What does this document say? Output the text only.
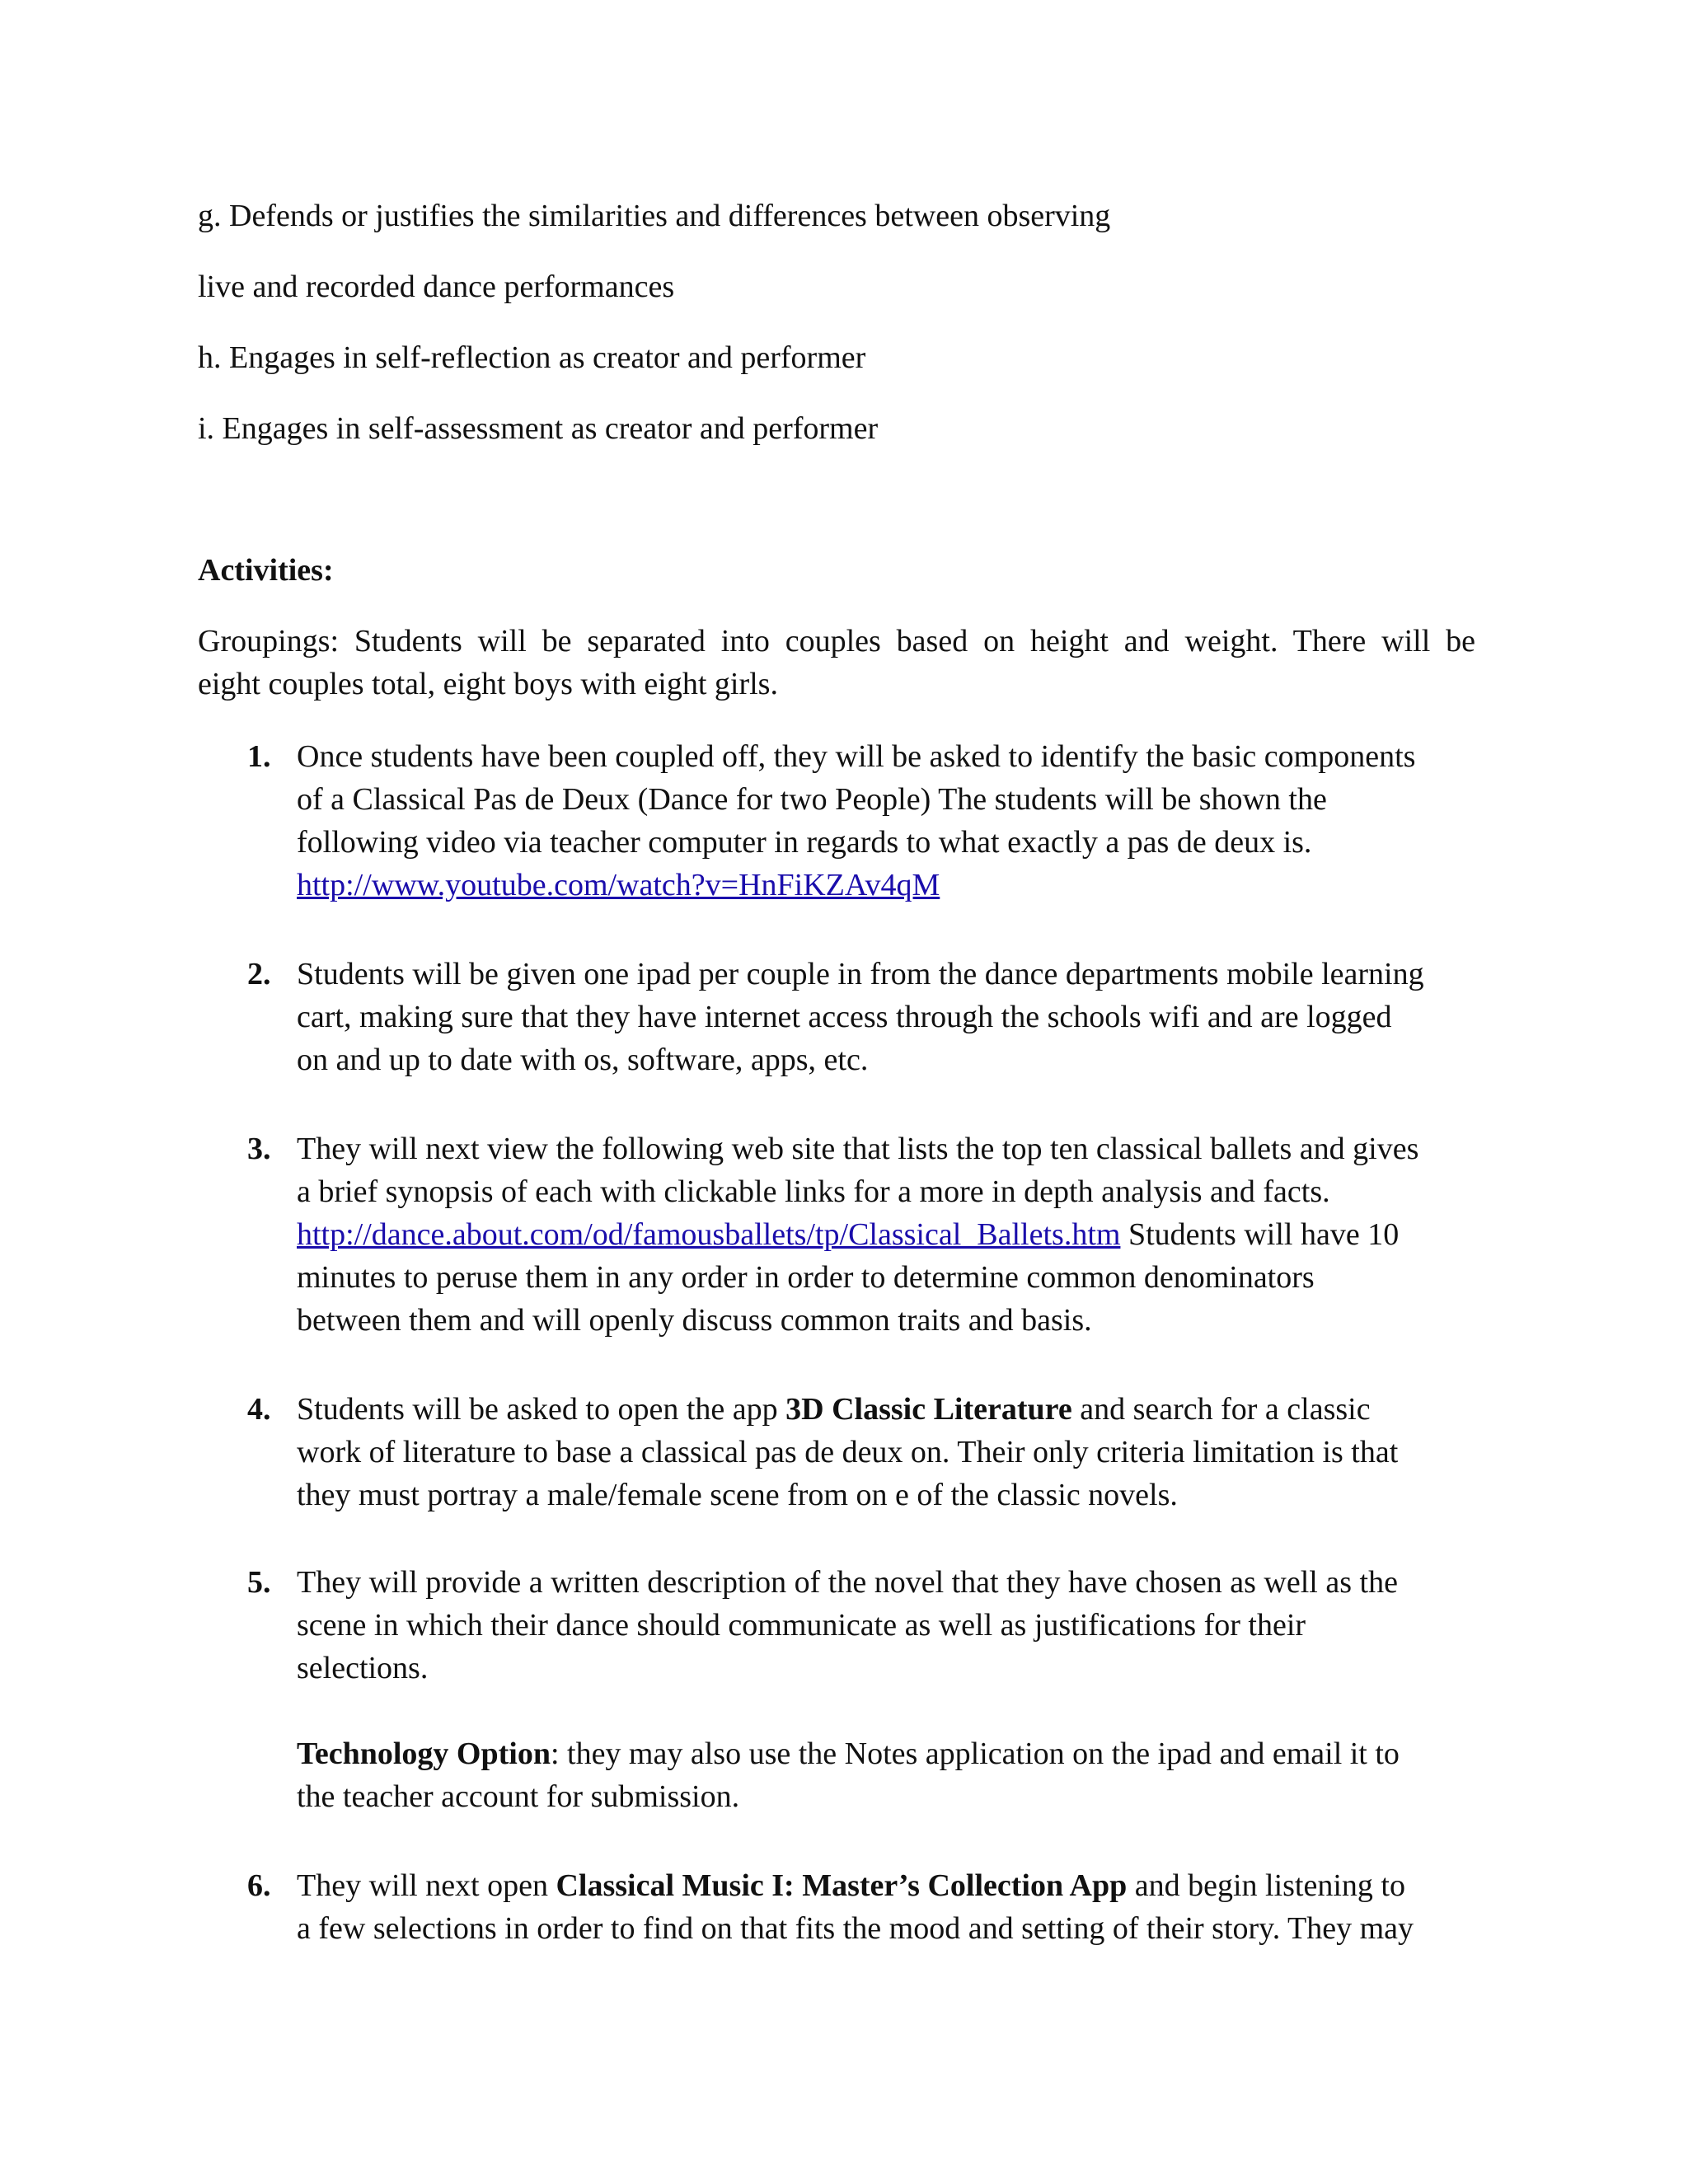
g. Defends or justifies the similarities and differences between observing
live and recorded dance performances
h. Engages in self-reflection as creator and performer
i. Engages in self-assessment as creator and performer
Activities:
Groupings: Students will be separated into couples based on height and weight. There will be
eight couples total, eight boys with eight girls.
1. Once students have been coupled off, they will be asked to identify the basic components

of a Classical Pas de Deux (Dance for two People) The students will be shown the

following video via teacher computer in regards to what exactly a pas de deux is.

http://www.youtube.com/watch?v=HnFiKZAv4qM

2. Students will be given one ipad per couple in from the dance departments mobile learning

cart, making sure that they have internet access through the schools wifi and are logged

on and up to date with os, software, apps, etc.

3. They will next view the following web site that lists the top ten classical ballets and gives

a brief synopsis of each with clickable links for a more in depth analysis and facts.

http://dance.about.com/od/famousballets/tp/Classical_Ballets.htm Students will have 10

minutes to peruse them in any order in order to determine common denominators

between them and will openly discuss common traits and basis.

4. Students will be asked to open the app 3D Classic Literature and search for a classic

work of literature to base a classical pas de deux on. Their only criteria limitation is that

they must portray a male/female scene from on e of the classic novels.

5. They will provide a written description of the novel that they have chosen as well as the

scene in which their dance should communicate as well as justifications for their

selections.

Technology Option: they may also use the Notes application on the ipad and email it to

the teacher account for submission.

6. They will next open Classical Music I: Master’s Collection App and begin listening to

a few selections in order to find on that fits the mood and setting of their story. They may
